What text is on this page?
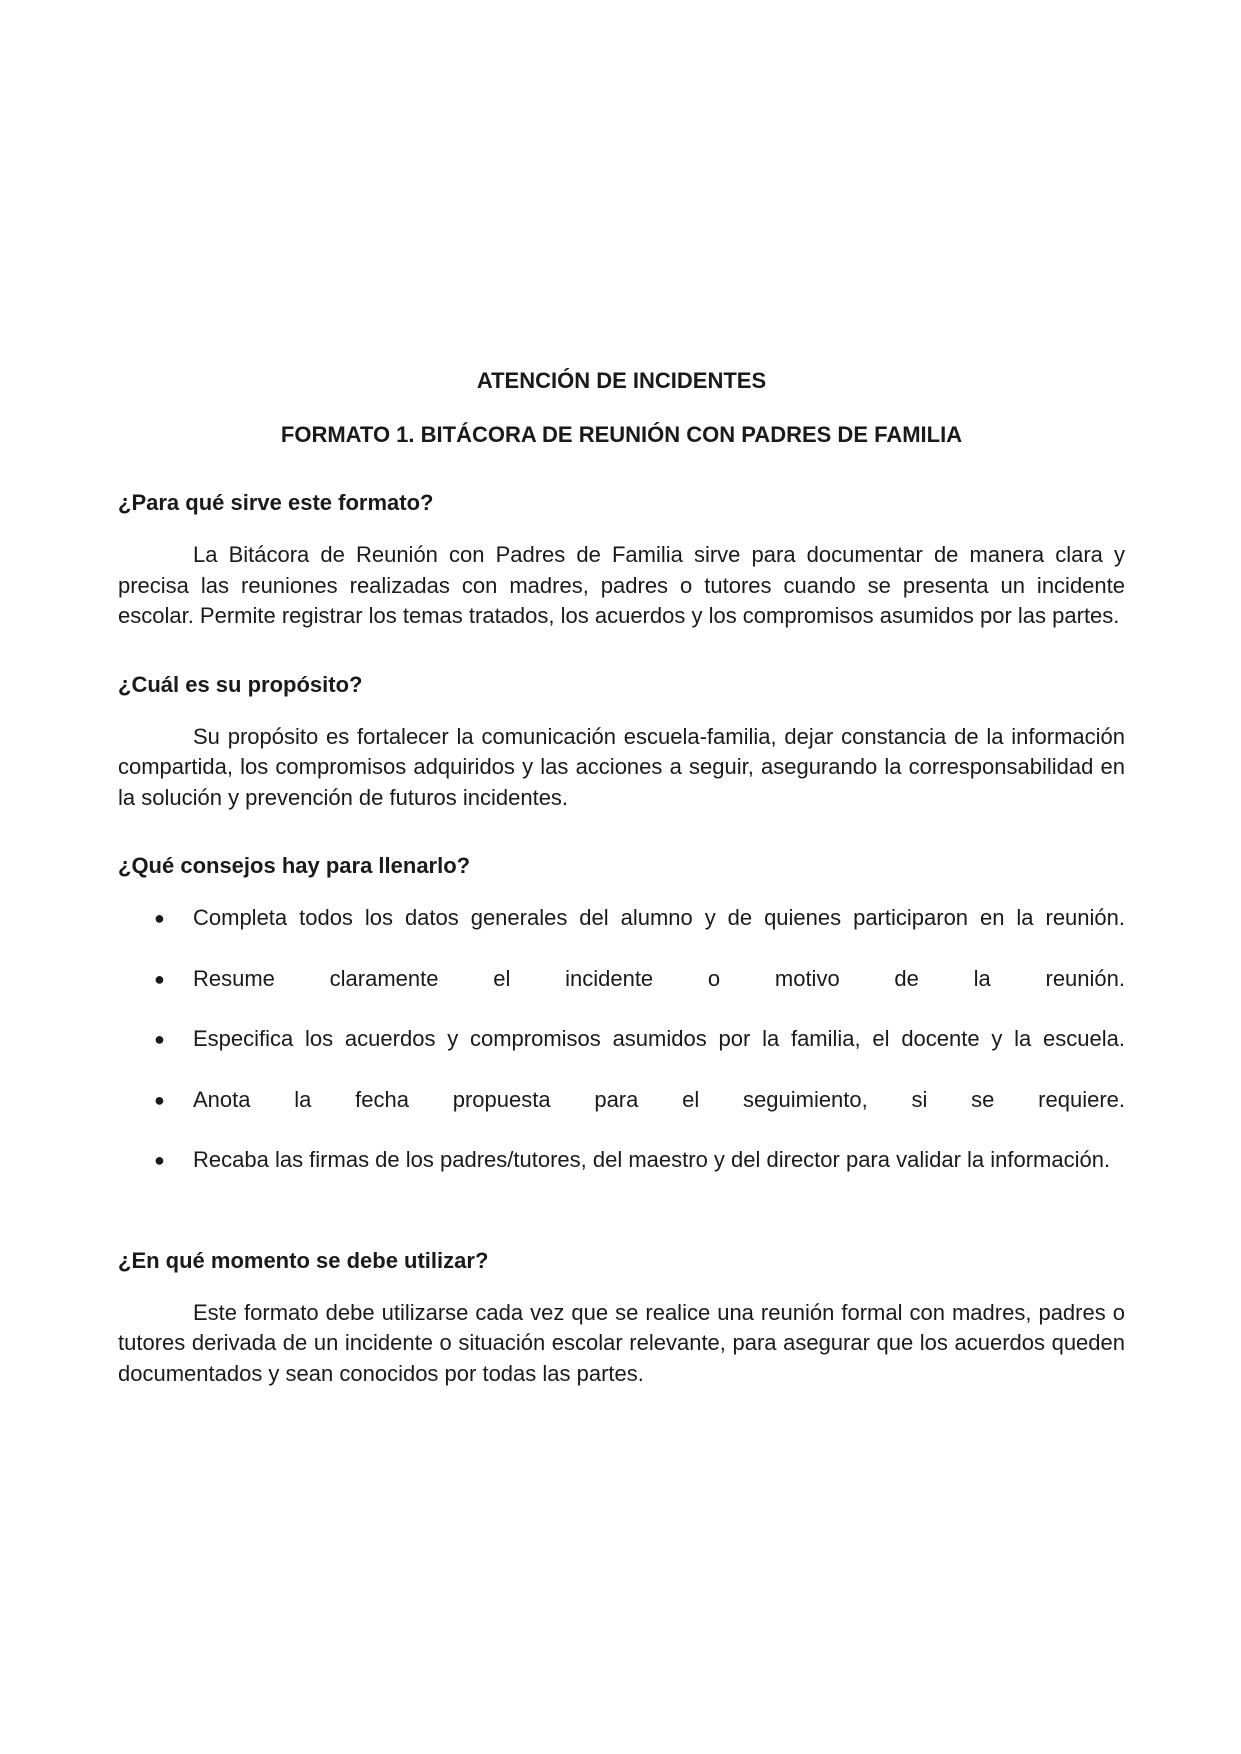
ATENCIÓN DE INCIDENTES
FORMATO 1. BITÁCORA DE REUNIÓN CON PADRES DE FAMILIA
¿Para qué sirve este formato?

La Bitácora de Reunión con Padres de Familia sirve para documentar de manera clara y precisa las reuniones realizadas con madres, padres o tutores cuando se presenta un incidente escolar. Permite registrar los temas tratados, los acuerdos y los compromisos asumidos por las partes.

¿Cuál es su propósito?

Su propósito es fortalecer la comunicación escuela-familia, dejar constancia de la información compartida, los compromisos adquiridos y las acciones a seguir, asegurando la corresponsabilidad en la solución y prevención de futuros incidentes.

¿Qué consejos hay para llenarlo?
● Completa todos los datos generales del alumno y de quienes participaron en la reunión.
● Resume claramente el incidente o motivo de la reunión.
● Especifica los acuerdos y compromisos asumidos por la familia, el docente y la escuela.
● Anota la fecha propuesta para el seguimiento, si se requiere.
● Recaba las firmas de los padres/tutores, del maestro y del director para validar la información.
¿En qué momento se debe utilizar?

Este formato debe utilizarse cada vez que se realice una reunión formal con madres, padres o tutores derivada de un incidente o situación escolar relevante, para asegurar que los acuerdos queden documentados y sean conocidos por todas las partes.
